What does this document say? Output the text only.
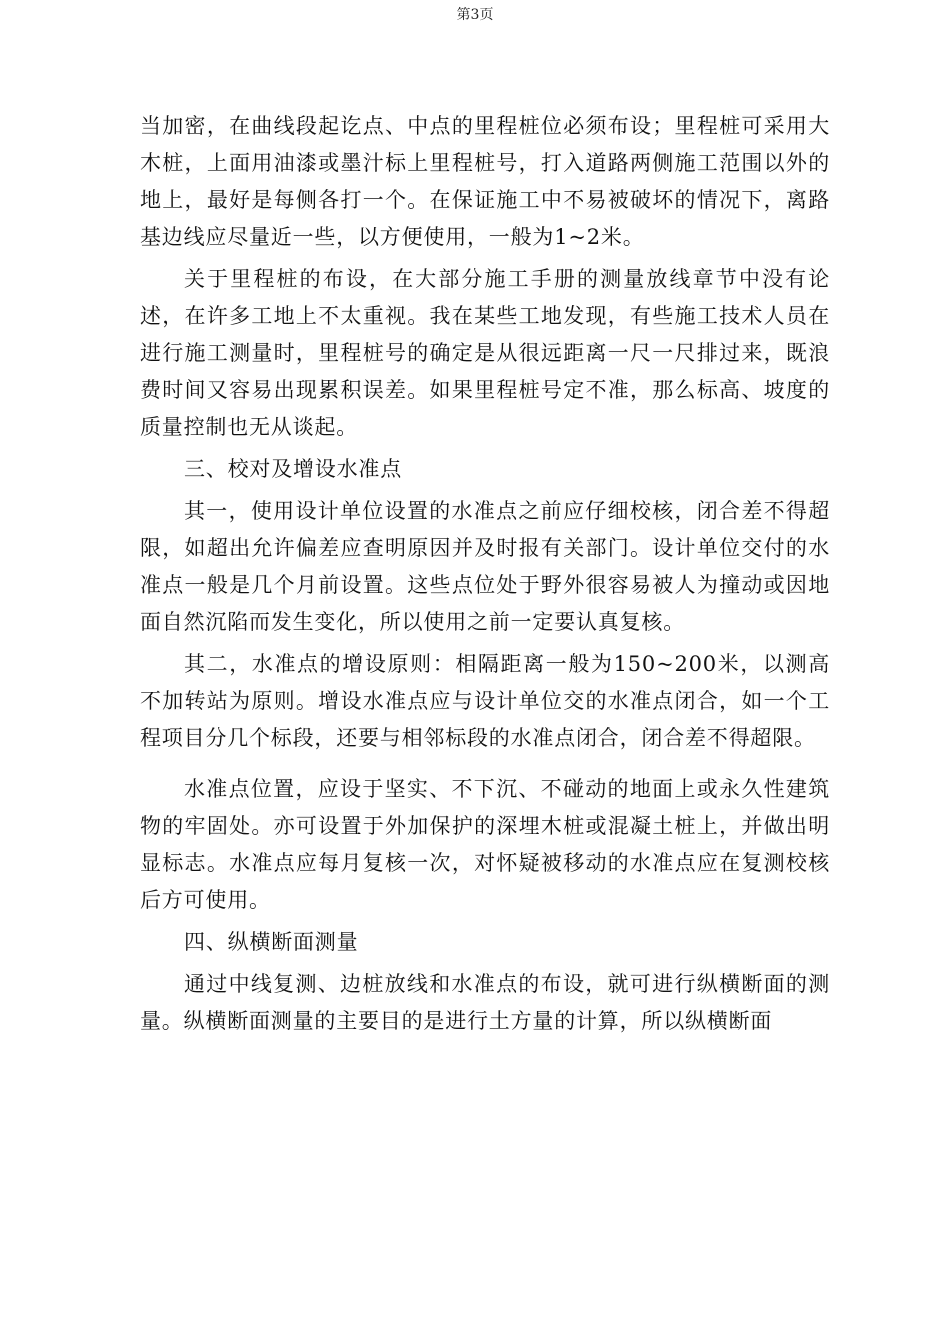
第3页

当加密，在曲线段起讫点、中点的里程桩位必须布设；里程桩可采用大木桩，上面用油漆或墨汁标上里程桩号，打入道路两侧施工范围以外的地上，最好是每侧各打一个。在保证施工中不易被破坏的情况下，离路基边线应尽量近一些，以方便使用，一般为1~2米。

关于里程桩的布设，在大部分施工手册的测量放线章节中没有论述，在许多工地上不太重视。我在某些工地发现，有些施工技术人员在进行施工测量时，里程桩号的确定是从很远距离一尺一尺排过来，既浪费时间又容易出现累积误差。如果里程桩号定不准，那么标高、坡度的质量控制也无从谈起。

三、校对及增设水准点

其一，使用设计单位设置的水准点之前应仔细校核，闭合差不得超限，如超出允许偏差应查明原因并及时报有关部门。设计单位交付的水准点一般是几个月前设置。这些点位处于野外很容易被人为撞动或因地面自然沉陷而发生变化，所以使用之前一定要认真复核。

其二，水准点的增设原则：相隔距离一般为150~200米，以测高不加转站为原则。增设水准点应与设计单位交的水准点闭合，如一个工程项目分几个标段，还要与相邻标段的水准点闭合，闭合差不得超限。

水准点位置，应设于坚实、不下沉、不碰动的地面上或永久性建筑物的牢固处。亦可设置于外加保护的深埋木桩或混凝土桩上，并做出明显标志。水准点应每月复核一次，对怀疑被移动的水准点应在复测校核后方可使用。

四、纵横断面测量

通过中线复测、边桩放线和水准点的布设，就可进行纵横断面的测量。纵横断面测量的主要目的是进行土方量的计算，所以纵横断面
